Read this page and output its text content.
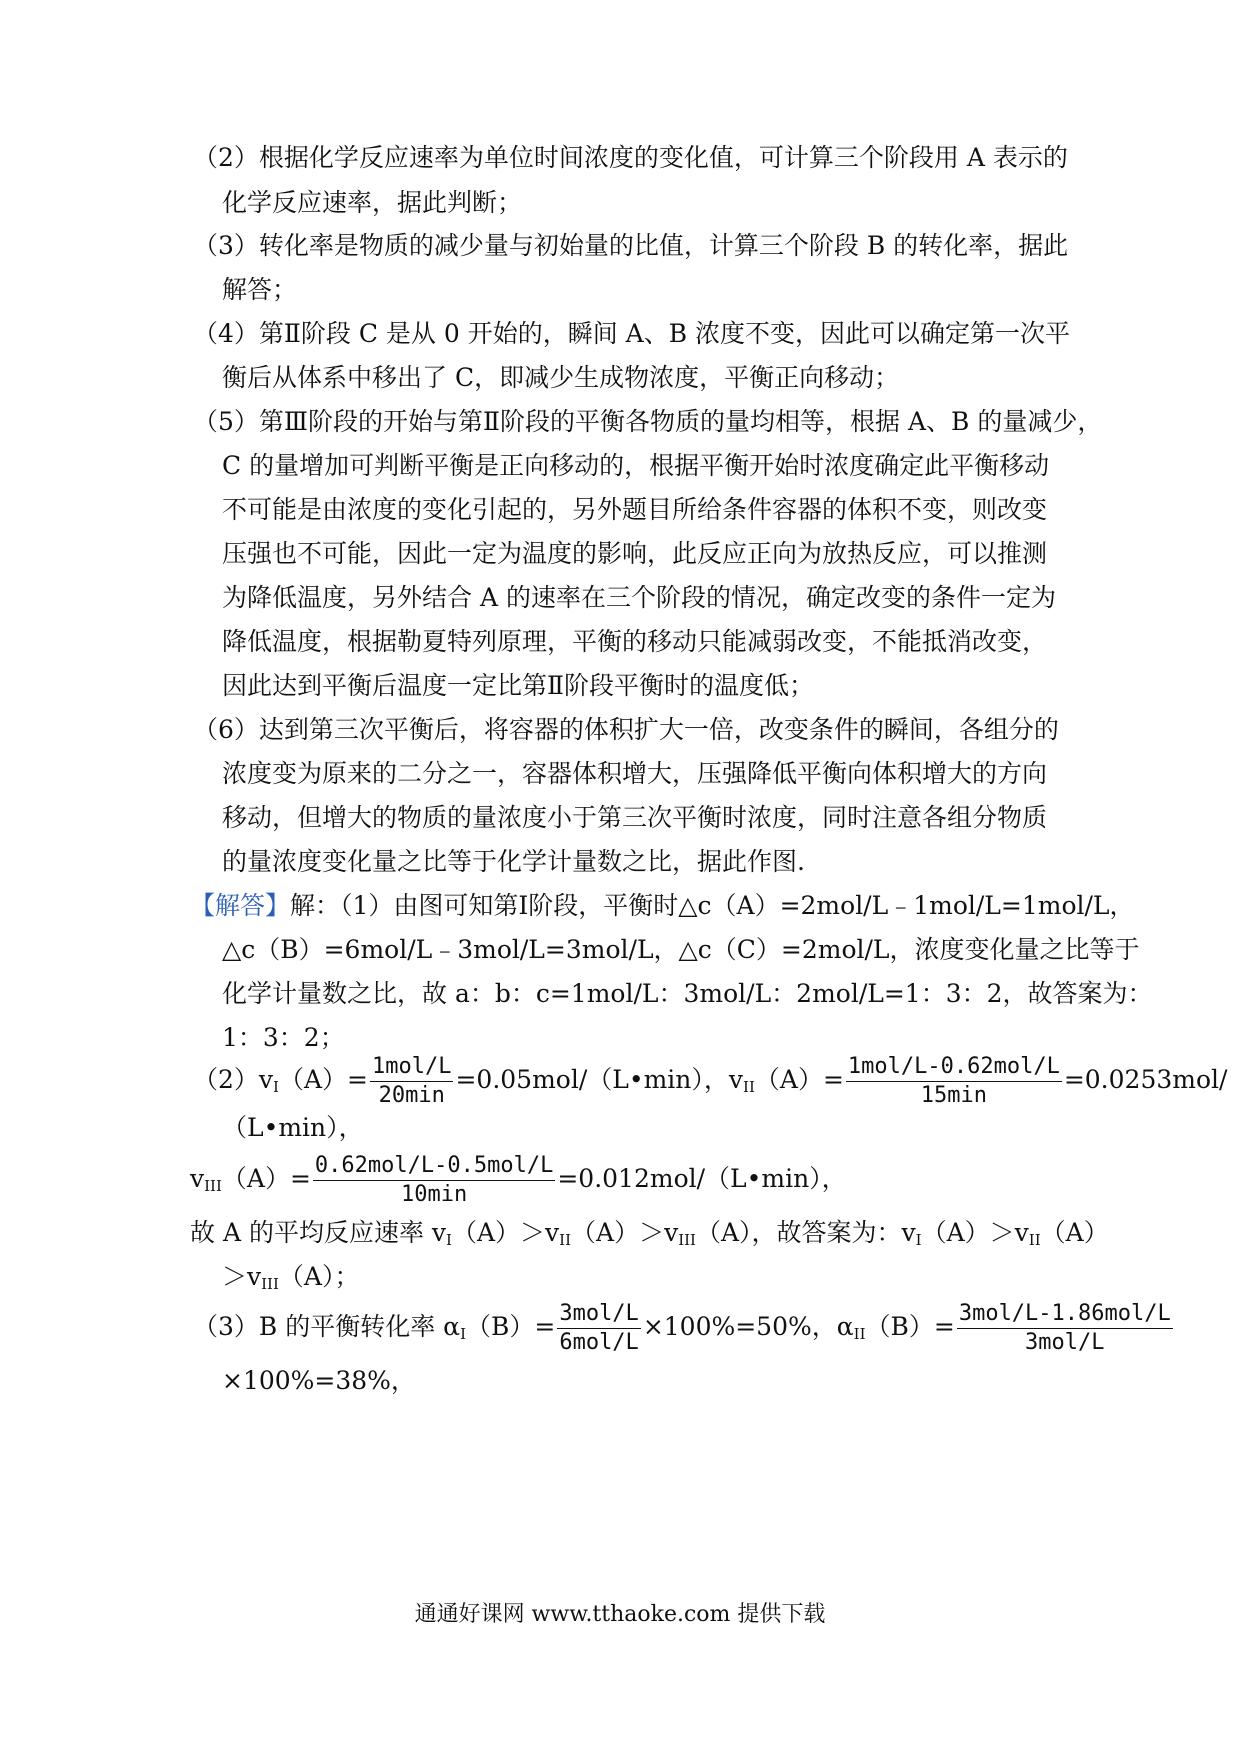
（2）根据化学反应速率为单位时间浓度的变化值，可计算三个阶段用 A 表示的
化学反应速率，据此判断；
（3）转化率是物质的减少量与初始量的比值，计算三个阶段 B 的转化率，据此
解答；
（4）第Ⅱ阶段 C 是从 0 开始的，瞬间 A、B 浓度不变，因此可以确定第一次平
衡后从体系中移出了 C，即减少生成物浓度，平衡正向移动；
（5）第Ⅲ阶段的开始与第Ⅱ阶段的平衡各物质的量均相等，根据 A、B 的量减少，
C 的量增加可判断平衡是正向移动的，根据平衡开始时浓度确定此平衡移动
不可能是由浓度的变化引起的，另外题目所给条件容器的体积不变，则改变
压强也不可能，因此一定为温度的影响，此反应正向为放热反应，可以推测
为降低温度，另外结合 A 的速率在三个阶段的情况，确定改变的条件一定为
降低温度，根据勒夏特列原理，平衡的移动只能减弱改变，不能抵消改变，
因此达到平衡后温度一定比第Ⅱ阶段平衡时的温度低；
（6）达到第三次平衡后，将容器的体积扩大一倍，改变条件的瞬间，各组分的
浓度变为原来的二分之一，容器体积增大，压强降低平衡向体积增大的方向
移动，但增大的物质的量浓度小于第三次平衡时浓度，同时注意各组分物质
的量浓度变化量之比等于化学计量数之比，据此作图.
【解答】解：（1）由图可知第Ⅰ阶段，平衡时△c（A）=2mol/L﹣1mol/L=1mol/L，
△c（B）=6mol/L﹣3mol/L=3mol/L，△c（C）=2mol/L，浓度变化量之比等于
化学计量数之比，故 a：b：c=1mol/L：3mol/L：2mol/L=1：3：2，故答案为：
1：3：2；
$(2)v_I(A)= \frac{\text{1mol/L}}{20\min}$ =0.05mol/（L•min），$v_{II}(A)= \frac{\text{1mol/L-0.62mol/L}}{15\min} =0.0253mol/$
（L•min），
$v_{III}(A)= \frac{\text{0.62mol/L-0.5mol/L}}{10\min}$ =0.012mol/（L•min），
故 A 的平均反应速率 $v_I(A)>v_{II}(A)>v_{III}(A)$，故答案为：$v_I(A)>v_{II}(A)$
$>v_{III}(A)$；
（3）B 的平衡转化率 $\alpha_I(B)= \frac{\text{3mol/L}}{\text{6mol/L}} \times 100\%=50\%$，$\alpha_{II}(B)= \frac{\text{3mol/L-1.86mol/L}}{\text{3mol/L}}$
×100%=38%，
通通好课网 www.tthaoke.com 提供下载
